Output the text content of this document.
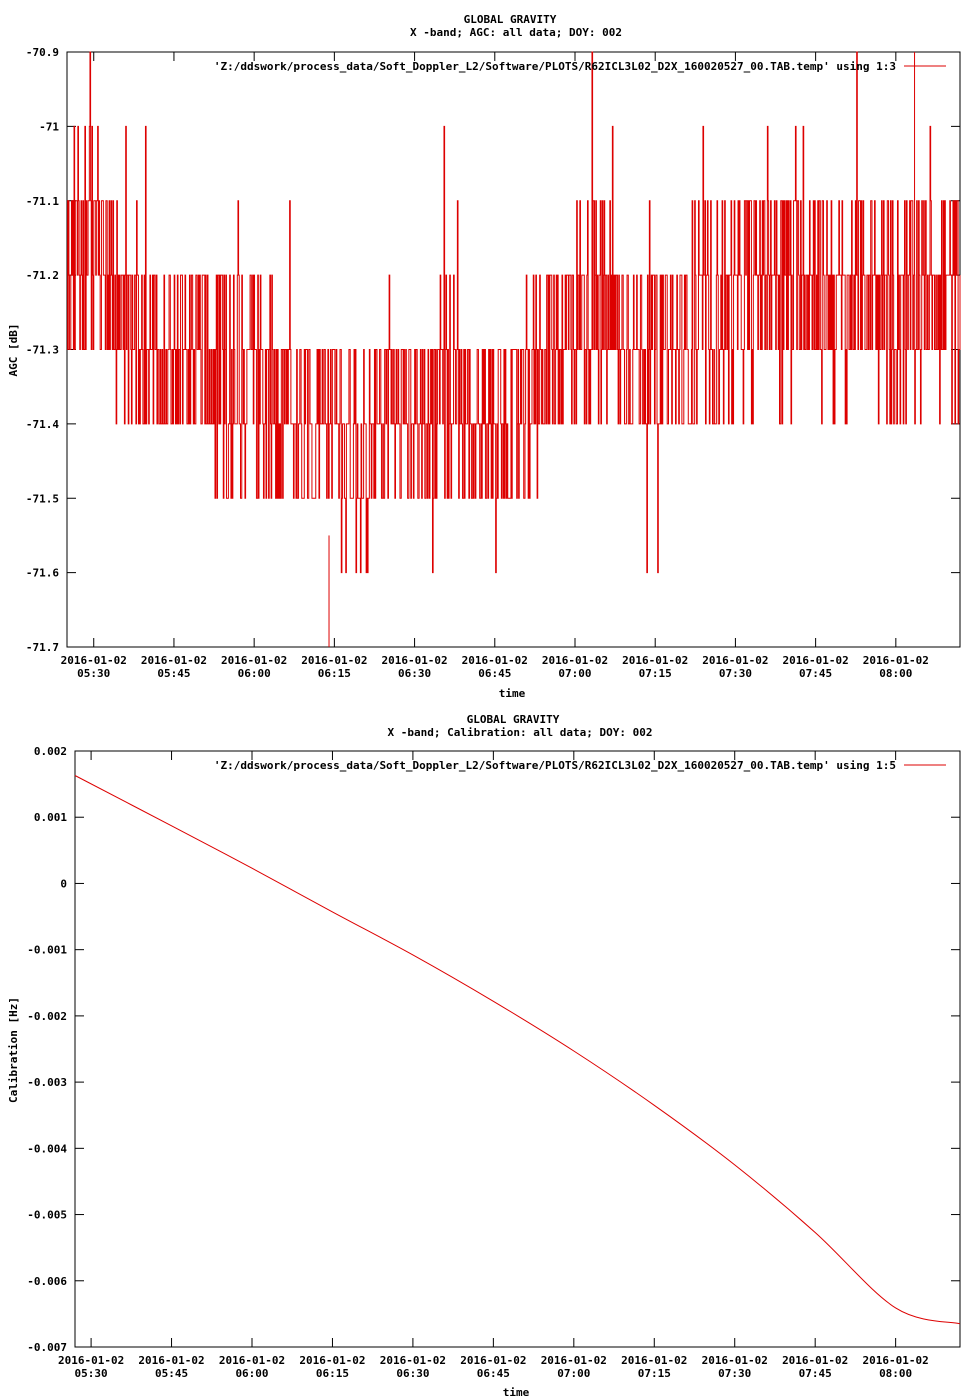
GLOBAL GRAVITY
X -band; AGC: all data; DOY: 002
AGC [dB]
time
-70.9
-71
-71.1
-71.2
-71.3
-71.4
-71.5
-71.6
-71.7
2016-01-02
05:30
2016-01-02
05:45
2016-01-02
06:00
2016-01-02
06:15
2016-01-02
06:30
2016-01-02
06:45
2016-01-02
07:00
2016-01-02
07:15
2016-01-02
07:30
2016-01-02
07:45
2016-01-02
08:00
'Z:/ddswork/process_data/Soft_Doppler_L2/Software/PLOTS/R62ICL3L02_D2X_160020527_00.TAB.temp' using 1:3
GLOBAL GRAVITY
X -band; Calibration: all data; DOY: 002
Calibration [Hz]
time
0.002
0.001
0
-0.001
-0.002
-0.003
-0.004
-0.005
-0.006
-0.007
2016-01-02
05:30
2016-01-02
05:45
2016-01-02
06:00
2016-01-02
06:15
2016-01-02
06:30
2016-01-02
06:45
2016-01-02
07:00
2016-01-02
07:15
2016-01-02
07:30
2016-01-02
07:45
2016-01-02
08:00
'Z:/ddswork/process_data/Soft_Doppler_L2/Software/PLOTS/R62ICL3L02_D2X_160020527_00.TAB.temp' using 1:5
